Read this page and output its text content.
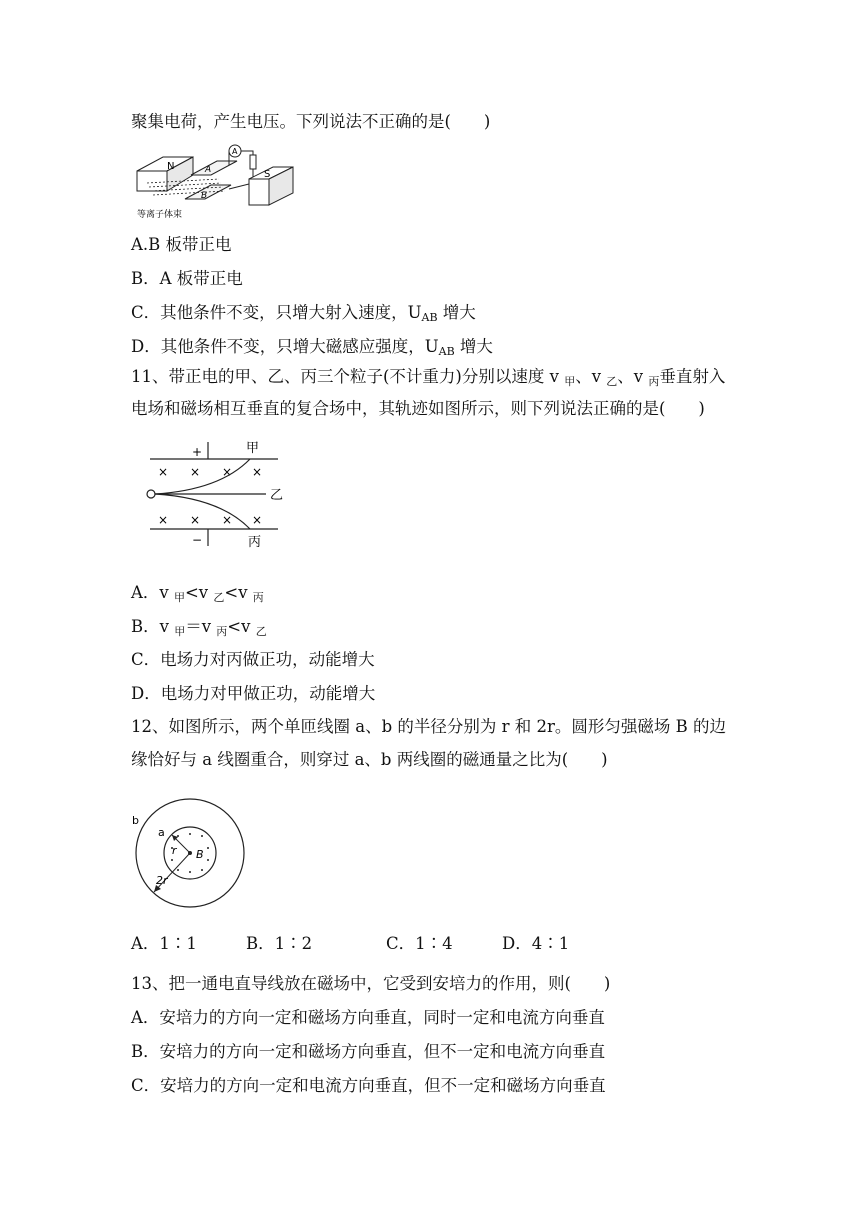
聚集电荷，产生电压。下列说法不正确的是(　　)
N	A
B
A
S
等离子体束
A.B 板带正电
B．A 板带正电
C．其他条件不变，只增大射入速度，$U_{AB}$ 增大
D．其他条件不变，只增大磁感应强度，$U_{AB}$ 增大
11、带正电的甲、乙、丙三个粒子(不计重力)分别以速度 v $_甲$、v $_乙$、v $_丙$垂直射入
电场和磁场相互垂直的复合场中，其轨迹如图所示，则下列说法正确的是(　　)
+	甲
× × × ×
乙
× × × ×
−	丙
A．v $_甲$<v $_乙$<v $_丙$
B．v $_甲$＝v $_丙$<v $_乙$
C．电场力对丙做正功，动能增大
D．电场力对甲做正功，动能增大
12、如图所示，两个单匝线圈 a、b 的半径分别为 r 和 2r。圆形匀强磁场 B 的边
缘恰好与 a 线圈重合，则穿过 a、b 两线圈的磁通量之比为(　　)
b
a
r B
2r
A．1∶1	B．1∶2	C．1∶4	D．4∶1
13、把一通电直导线放在磁场中，它受到安培力的作用，则(　　)
A．安培力的方向一定和磁场方向垂直，同时一定和电流方向垂直
B．安培力的方向一定和磁场方向垂直，但不一定和电流方向垂直
C．安培力的方向一定和电流方向垂直，但不一定和磁场方向垂直
